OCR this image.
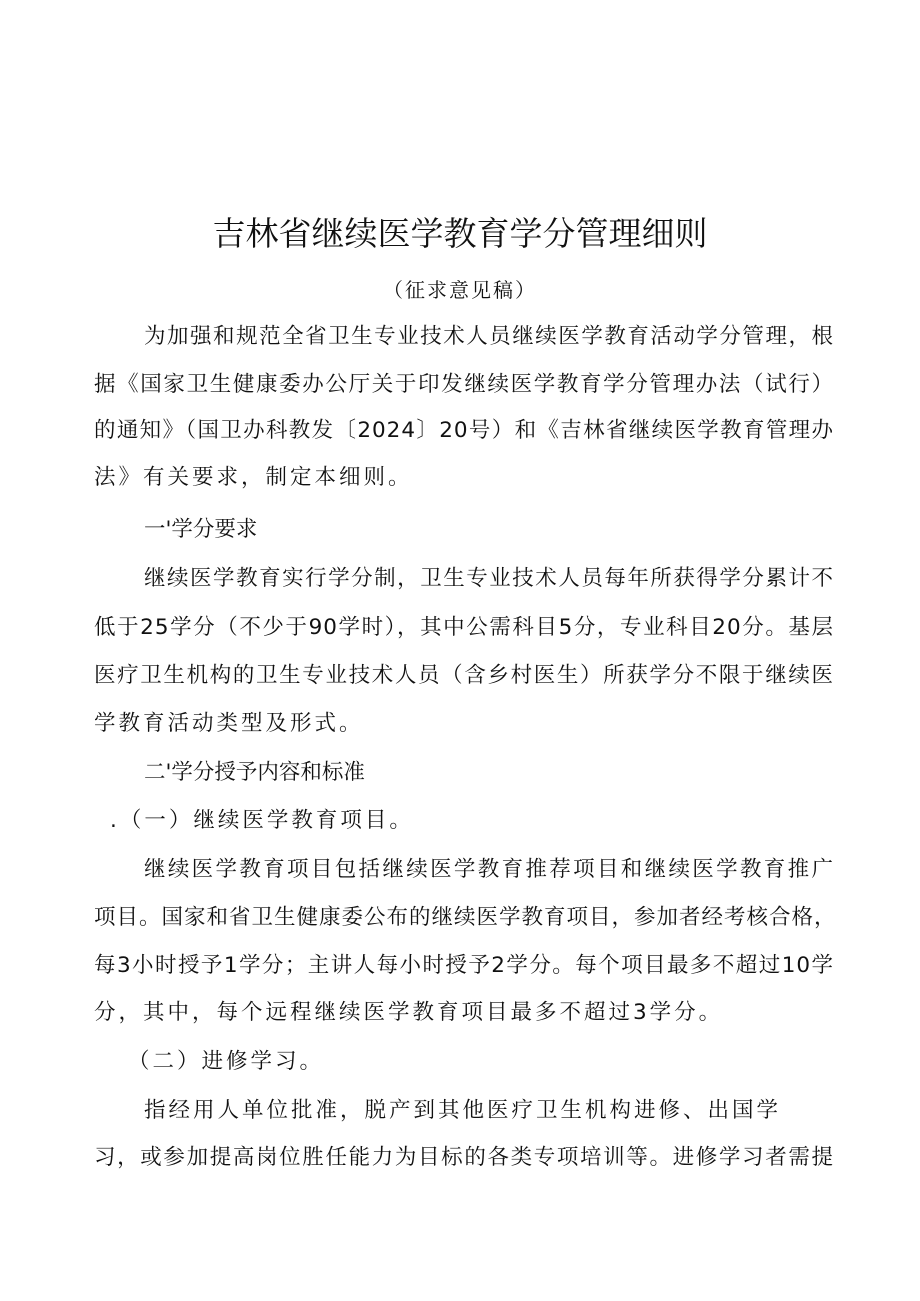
吉林省继续医学教育学分管理细则

（征求意见稿）

为加强和规范全省卫生专业技术人员继续医学教育活动学分管理，根

据《国家卫生健康委办公厅关于印发继续医学教育学分管理办法（试行）

的通知》（国卫办科教发〔2024〕20号）和《吉林省继续医学教育管理办

法》有关要求，制定本细则。

一'学分要求

继续医学教育实行学分制，卫生专业技术人员每年所获得学分累计不

低于25学分（不少于90学时），其中公需科目5分，专业科目20分。基层

医疗卫生机构的卫生专业技术人员（含乡村医生）所获学分不限于继续医

学教育活动类型及形式。

二'学分授予内容和标准

.（一）继续医学教育项目。

继续医学教育项目包括继续医学教育推荐项目和继续医学教育推广

项目。国家和省卫生健康委公布的继续医学教育项目，参加者经考核合格，

每3小时授予1学分；主讲人每小时授予2学分。每个项目最多不超过10学

分，其中，每个远程继续医学教育项目最多不超过3学分。

（二）进修学习。

指经用人单位批准，脱产到其他医疗卫生机构进修、出国学

习，或参加提高岗位胜任能力为目标的各类专项培训等。进修学习者需提
